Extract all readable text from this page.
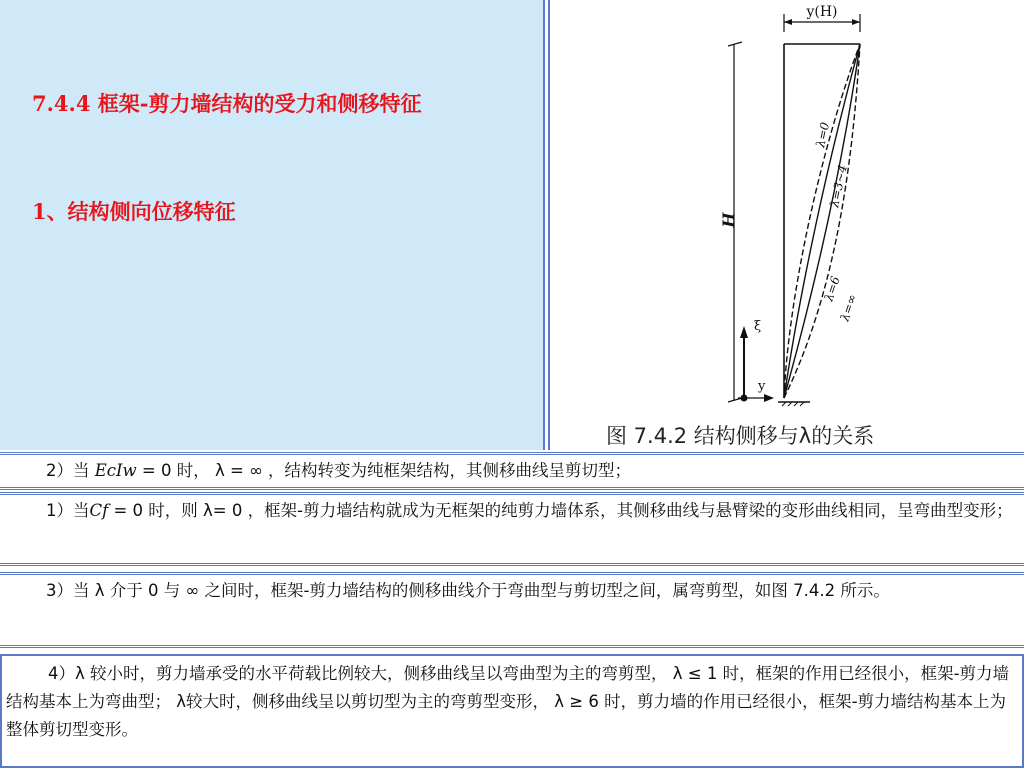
7.4.4 框架-剪力墙结构的受力和侧移特征
1、结构侧向位移特征
y(H)
H
ξ
y
λ=0
λ=3~4
λ=6
λ=∞
图 7.4.2 结构侧移与λ的关系

2）当 EcIw = 0 时， λ = ∞ ，结构转变为纯框架结构，其侧移曲线呈剪切型；

1）当Cf = 0 时，则 λ= 0 ，框架-剪力墙结构就成为无框架的纯剪力墙体系，其侧移曲线与悬臂梁的变形曲线相同，呈弯曲型变形；

3）当 λ 介于 0 与 ∞ 之间时，框架-剪力墙结构的侧移曲线介于弯曲型与剪切型之间，属弯剪型，如图 7.4.2 所示。

4）λ 较小时，剪力墙承受的水平荷载比例较大，侧移曲线呈以弯曲型为主的弯剪型， λ ≤ 1 时，框架的作用已经很小，框架-剪力墙结构基本上为弯曲型； λ较大时，侧移曲线呈以剪切型为主的弯剪型变形， λ ≥ 6 时，剪力墙的作用已经很小，框架-剪力墙结构基本上为整体剪切型变形。
